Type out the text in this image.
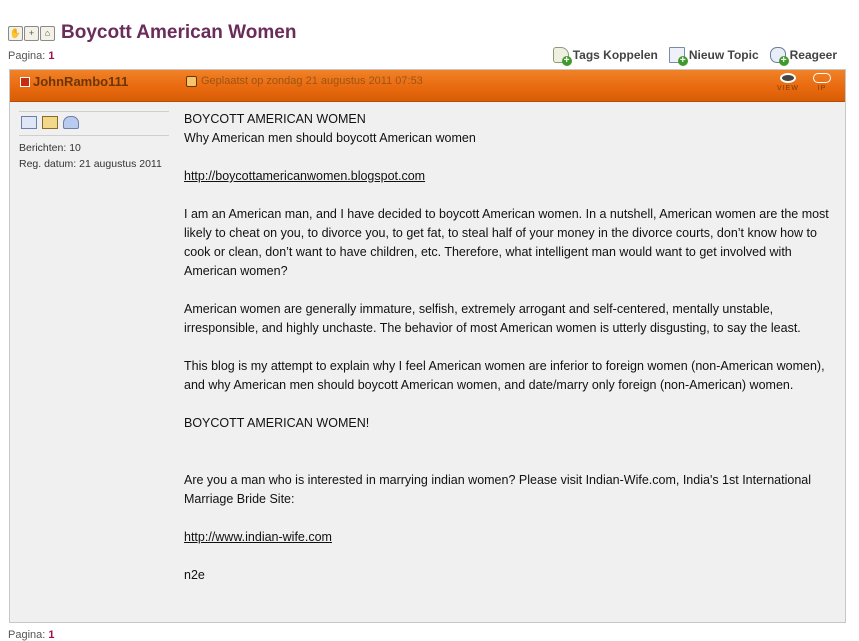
✋ +	⌂ Boycott American Women
Pagina: 1	+ Tags Koppelen + Nieuw Topic + Reageer
JohnRambo111	Geplaatst op zondag 21 augustus 2011 07:53
VIEW	IP
Berichten: 10
Reg. datum: 21 augustus 2011

BOYCOTT AMERICAN WOMEN

Why American men should boycott American women

http://boycottamericanwomen.blogspot.com

I am an American man, and I have decided to boycott American women. In a nutshell, American women are the most likely to cheat on you, to divorce you, to get fat, to steal half of your money in the divorce courts, don’t know how to cook or clean, don’t want to have children, etc. Therefore, what intelligent man would want to get involved with American women?

American women are generally immature, selfish, extremely arrogant and self-centered, mentally unstable, irresponsible, and highly unchaste. The behavior of most American women is utterly disgusting, to say the least.

This blog is my attempt to explain why I feel American women are inferior to foreign women (non-American women), and why American men should boycott American women, and date/marry only foreign (non-American) women.

BOYCOTT AMERICAN WOMEN!

Are you a man who is interested in marrying indian women? Please visit Indian-Wife.com, India's 1st International Marriage Bride Site:

http://www.indian-wife.com

n2e

Pagina: 1
